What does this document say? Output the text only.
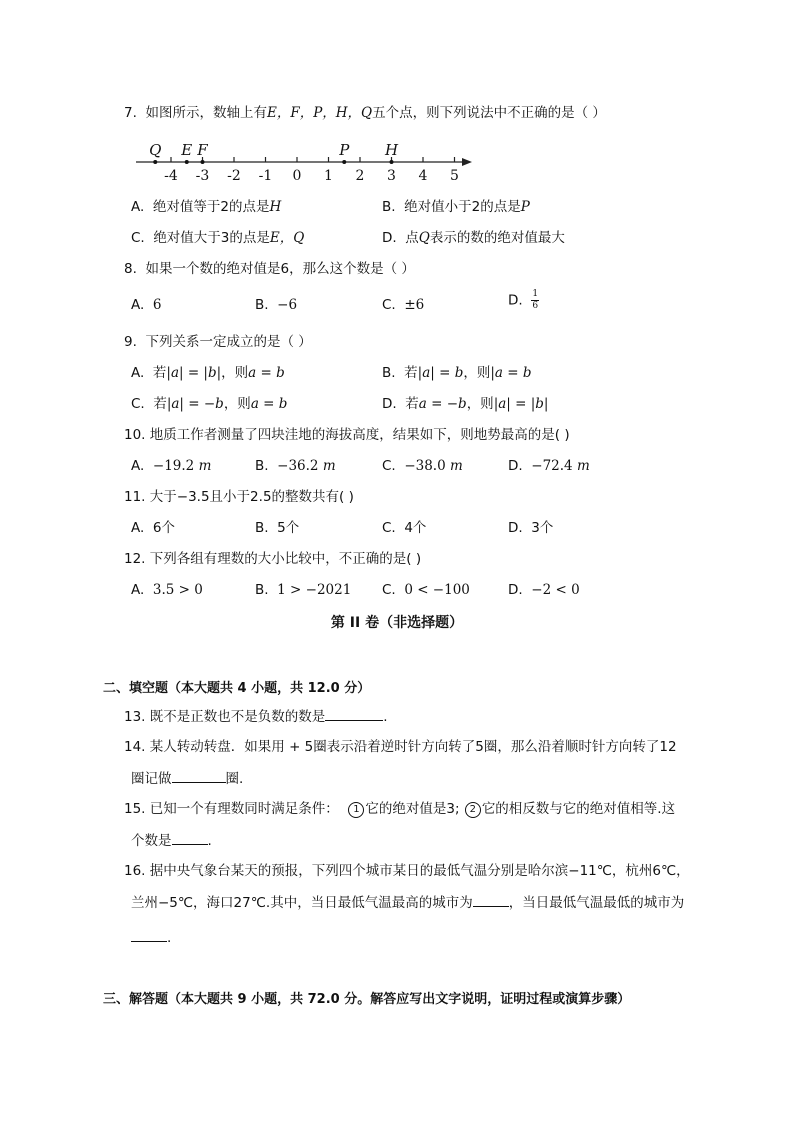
7. 如图所示，数轴上有E，F，P，H，Q五个点，则下列说法中不正确的是（ ）
-4 -3 -2 -1 0 1 2 3 4 5
Q E F	P H
A. 绝对值等于2的点是H	B. 绝对值小于2的点是P
C. 绝对值大于3的点是E，Q	D. 点Q表示的数的绝对值最大
8. 如果一个数的绝对值是6，那么这个数是（ ）
A. 6	B. −6	C. ±6	D. $\frac{1}{6}$
9. 下列关系一定成立的是（ ）
A. 若|a| = |b|，则a = b	B. 若|a| = b，则|a = b
C. 若|a| = −b，则a = b	D. 若a = −b，则|a| = |b|
10. 地质工作者测量了四块洼地的海拔高度，结果如下，则地势最高的是( )
A. −19.2 m	B. −36.2 m	C. −38.0 m	D. −72.4 m
11. 大于−3.5且小于2.5的整数共有( )
A. 6个	B. 5个	C. 4个	D. 3个
12. 下列各组有理数的大小比较中，不正确的是( )
A. 3.5 > 0	B. 1 > −2021 C. 0 < −100	D. −2 < 0
第 II 卷（非选择题）
二、填空题（本大题共 4 小题，共 12.0 分）
13. 既不是正数也不是负数的数是	.
14. 某人转动转盘．如果用 + 5圈表示沿着逆时针方向转了5圈，那么沿着顺时针方向转了12
圈记做	圈.
15. 已知一个有理数同时满足条件： 1 它的绝对值是3; 2 它的相反数与它的绝对值相等.这
个数是	.
16. 据中央气象台某天的预报，下列四个城市某日的最低气温分别是哈尔滨−11℃，杭州6℃，
兰州−5℃，海口27℃.其中，当日最低气温最高的城市为	，当日最低气温最低的城市为
.
三、解答题（本大题共 9 小题，共 72.0 分。解答应写出文字说明，证明过程或演算步骤）
